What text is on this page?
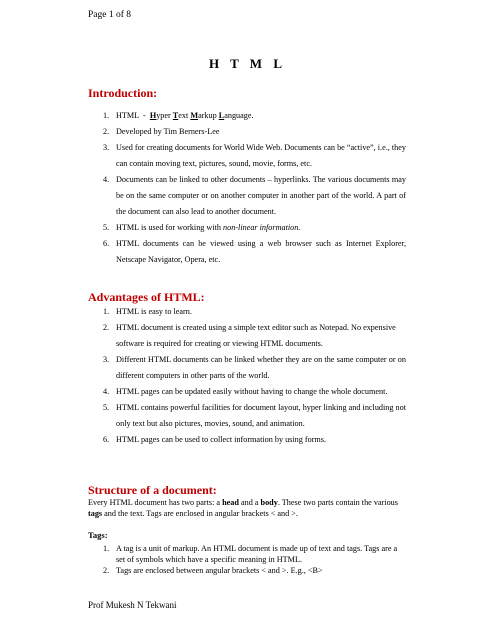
Page 1 of 8
H T M L
Introduction:
1. HTML  -  Hyper Text Markup Language.
2. Developed by Tim Berners-Lee
3. Used for creating documents for World Wide Web. Documents can be “active”, i.e., they can contain moving text, pictures, sound, movie, forms, etc.
4. Documents can be linked to other documents – hyperlinks. The various documents may be on the same computer or on another computer in another part of the world. A part of the document can also lead to another document.
5. HTML is used for working with non-linear information.
6. HTML documents can be viewed using a web browser such as Internet Explorer, Netscape Navigator, Opera, etc.
Advantages of HTML:
1. HTML is easy to learn.
2. HTML document is created using a simple text editor such as Notepad. No expensive software is required for creating or viewing HTML documents.
3. Different HTML documents can be linked whether they are on the same computer or on different computers in other parts of the world.
4. HTML pages can be updated easily without having to change the whole document.
5. HTML contains powerful facilities for document layout, hyper linking and including not only text but also pictures, movies, sound, and animation.
6. HTML pages can be used to collect information by using forms.
Structure of a document:
Every HTML document has two parts: a head and a body. These two parts contain the various tags and the text. Tags are enclosed in angular brackets < and >.
Tags:
1. A tag is a unit of markup. An HTML document is made up of text and tags. Tags are a set of symbols which have a specific meaning in HTML.
2. Tags are enclosed between angular brackets < and >. E.g., <B>
Prof Mukesh N Tekwani
